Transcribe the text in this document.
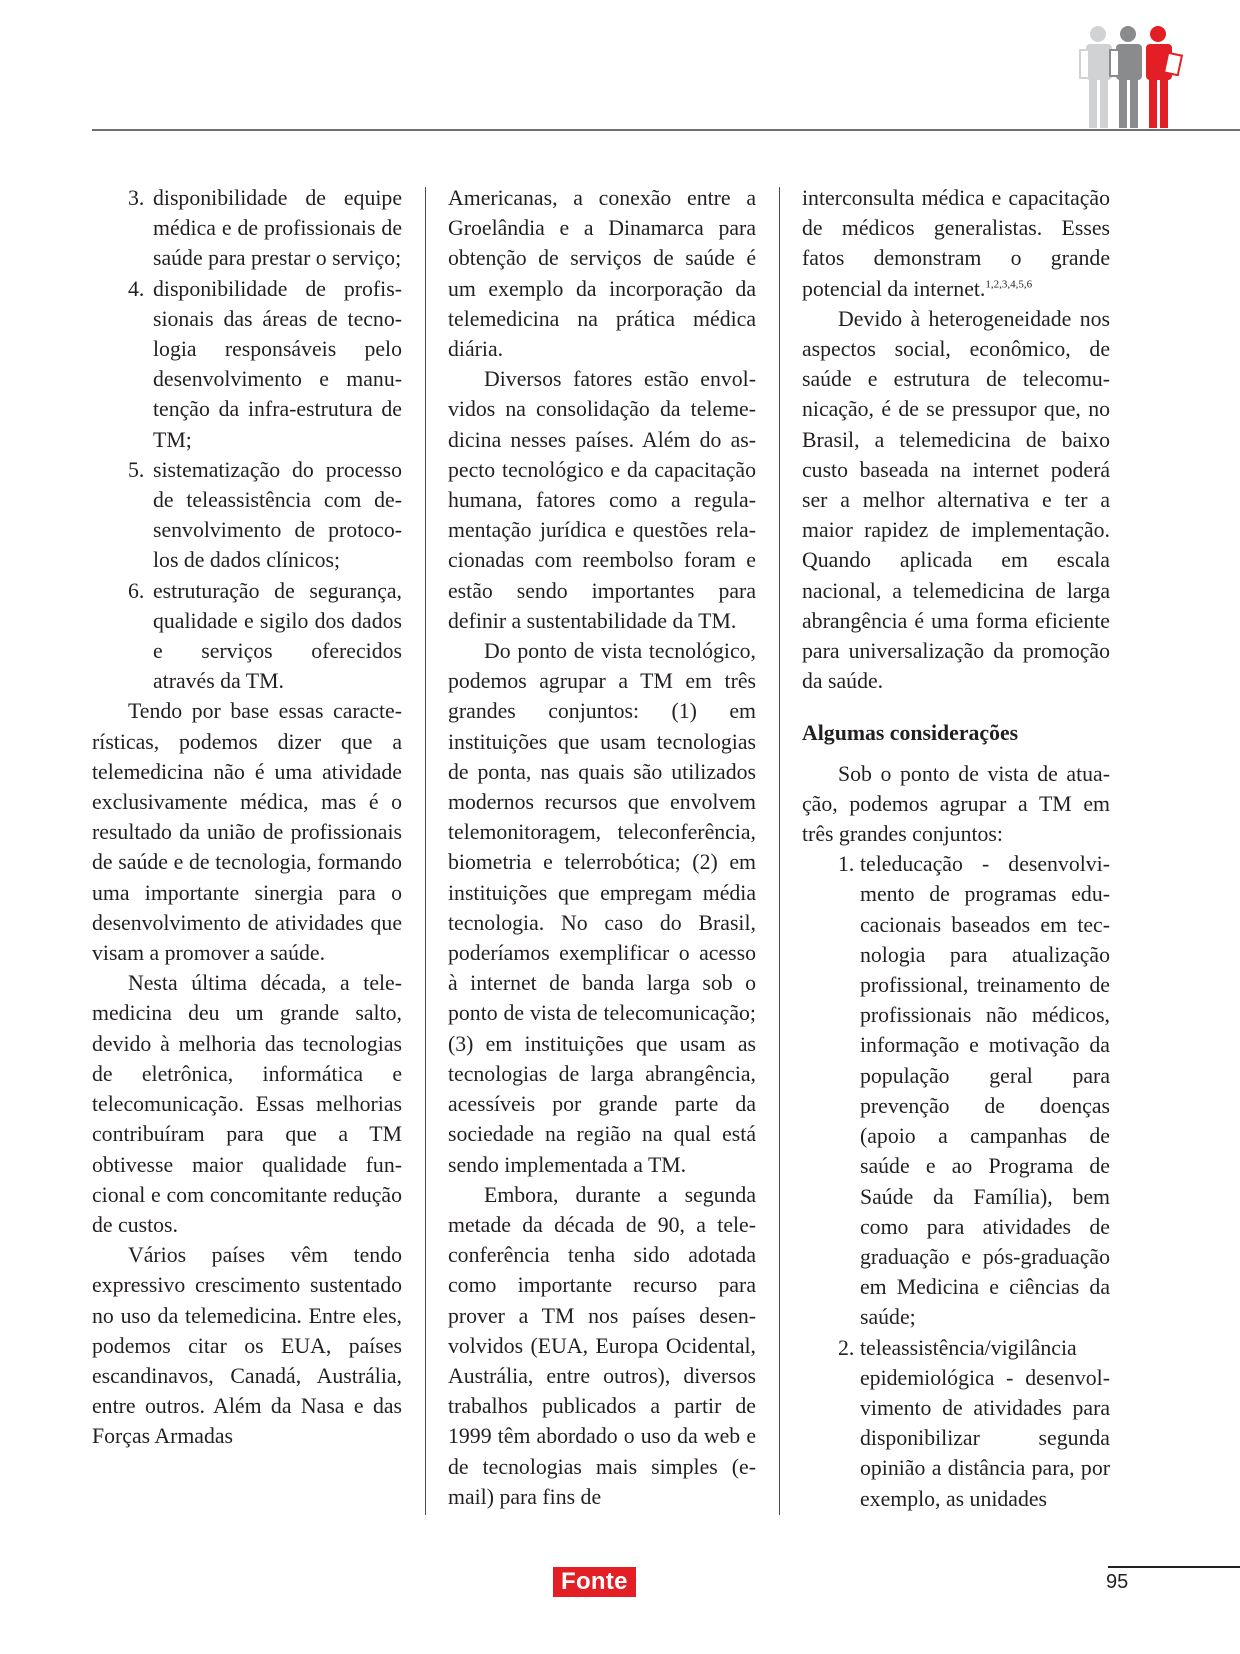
3. disponibilidade de equipe médica e de profissionais de saúde para prestar o serviço;
4. disponibilidade de profissionais das áreas de tecnologia responsáveis pelo desenvolvimento e manutenção da infra-estrutura de TM;
5. sistematização do processo de teleassistência com desenvolvimento de protocolos de dados clínicos;
6. estruturação de segurança, qualidade e sigilo dos dados e serviços oferecidos através da TM.

Tendo por base essas características, podemos dizer que a telemedicina não é uma atividade exclusivamente médica, mas é o resultado da união de profissionais de saúde e de tecnologia, formando uma importante sinergia para o desenvolvimento de atividades que visam a promover a saúde.

Nesta última década, a telemedicina deu um grande salto, devido à melhoria das tecnologias de eletrônica, informática e telecomunicação. Essas melhorias contribuíram para que a TM obtivesse maior qualidade funcional e com concomitante redução de custos.

Vários países vêm tendo expressivo crescimento sustentado no uso da telemedicina. Entre eles, podemos citar os EUA, países escandinavos, Canadá, Austrália, entre outros. Além da Nasa e das Forças Armadas

Americanas, a conexão entre a Groelândia e a Dinamarca para obtenção de serviços de saúde é um exemplo da incorporação da telemedicina na prática médica diária.

Diversos fatores estão envolvidos na consolidação da telemedicina nesses países. Além do aspecto tecnológico e da capacitação humana, fatores como a regulamentação jurídica e questões relacionadas com reembolso foram e estão sendo importantes para definir a sustentabilidade da TM.

Do ponto de vista tecnológico, podemos agrupar a TM em três grandes conjuntos: (1) em instituições que usam tecnologias de ponta, nas quais são utilizados modernos recursos que envolvem telemonitoragem, teleconferência, biometria e telerrobótica; (2) em instituições que empregam média tecnologia. No caso do Brasil, poderíamos exemplificar o acesso à internet de banda larga sob o ponto de vista de telecomunicação; (3) em instituições que usam as tecnologias de larga abrangência, acessíveis por grande parte da sociedade na região na qual está sendo implementada a TM.

Embora, durante a segunda metade da década de 90, a teleconferência tenha sido adotada como importante recurso para prover a TM nos países desenvolvidos (EUA, Europa Ocidental, Austrália, entre outros), diversos trabalhos publicados a partir de 1999 têm abordado o uso da web e de tecnologias mais simples (e-mail) para fins de

interconsulta médica e capacitação de médicos generalistas. Esses fatos demonstram o grande potencial da internet.$^{1,2,3,4,5,6}$

Devido à heterogeneidade nos aspectos social, econômico, de saúde e estrutura de telecomunicação, é de se pressupor que, no Brasil, a telemedicina de baixo custo baseada na internet poderá ser a melhor alternativa e ter a maior rapidez de implementação. Quando aplicada em escala nacional, a telemedicina de larga abrangência é uma forma eficiente para universalização da promoção da saúde.

Algumas considerações

Sob o ponto de vista de atuação, podemos agrupar a TM em três grandes conjuntos:

1. teleducação - desenvolvimento de programas educacionais baseados em tecnologia para atualização profissional, treinamento de profissionais não médicos, informação e motivação da população geral para prevenção de doenças (apoio a campanhas de saúde e ao Programa de Saúde da Família), bem como para atividades de graduação e pós-graduação em Medicina e ciências da saúde;
2. teleassistência/vigilância epidemiológica - desenvolvimento de atividades para disponibilizar segunda opinião a distância para, por exemplo, as unidades
Fonte	95
